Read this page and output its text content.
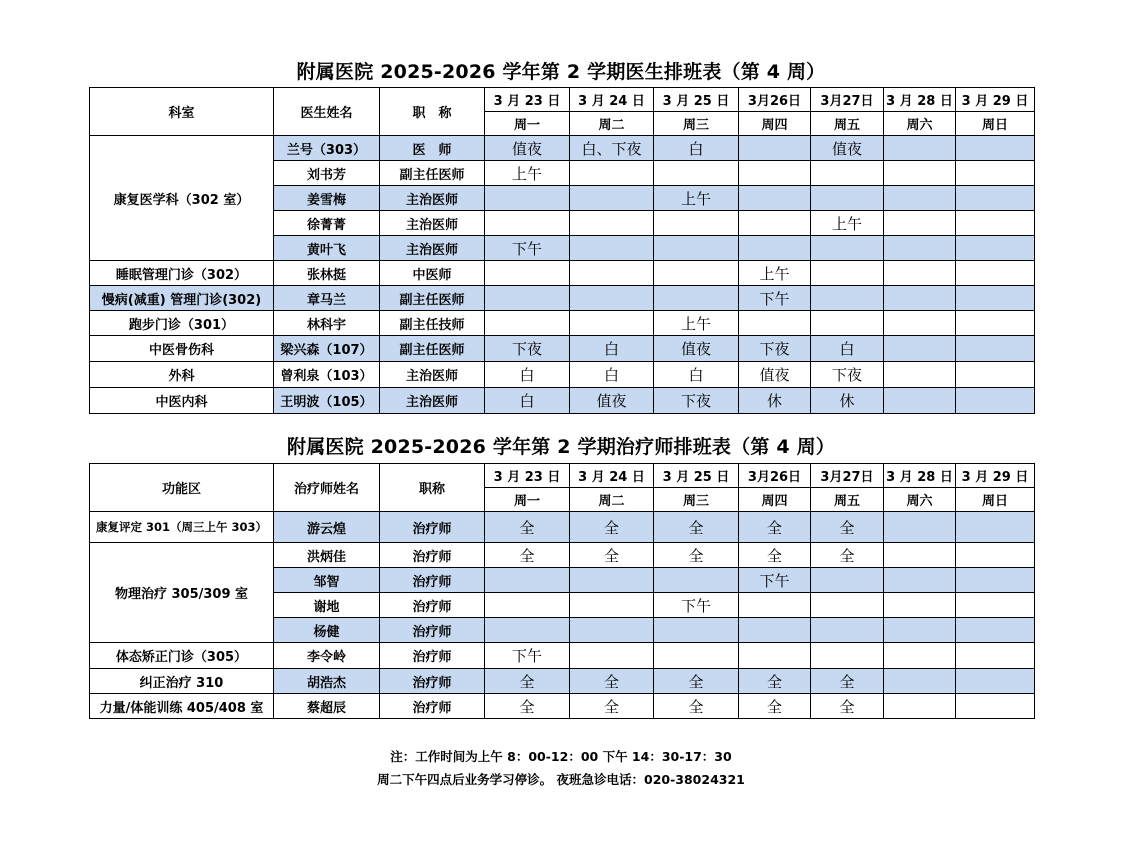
附属医院 2025-2026 学年第 2 学期医生排班表（第 4 周）
科室	医生姓名	职　称	3 月 23 日	3 月 24 日	3 月 25 日	3月26日	3月27日	3 月 28 日	3 月 29 日
			周一	周二	周三	周四	周五	周六	周日
康复医学科（302 室）	兰号（303）	医　师	值夜	白、下夜	白		值夜		
	刘书芳	副主任医师	上午						
	姜雪梅	主治医师			上午				
	徐菁菁	主治医师					上午		
	黄叶飞	主治医师	下午						
睡眠管理门诊（302）	张林挺	中医师				上午			
慢病(减重) 管理门诊(302)	章马兰	副主任医师				下午			
跑步门诊（301）	林科宇	副主任技师			上午				
中医骨伤科	梁兴森（107）	副主任医师	下夜	白	值夜	下夜	白		
外科	曾利泉（103）	主治医师	白	白	白	值夜	下夜		
中医内科	王明波（105）	主治医师	白	值夜	下夜	休	休		
附属医院 2025-2026 学年第 2 学期治疗师排班表（第 4 周）
功能区	治疗师姓名	职称	3 月 23 日	3 月 24 日	3 月 25 日	3月26日	3月27日	3 月 28 日	3 月 29 日
			周一	周二	周三	周四	周五	周六	周日
康复评定 301（周三上午 303）	游云煌	治疗师	全	全	全	全	全		
物理治疗 305/309 室	洪炳佳	治疗师	全	全	全	全	全		
	邹智	治疗师				下午			
	谢地	治疗师			下午				
	杨健	治疗师							
体态矫正门诊（305）	李令岭	治疗师	下午						
纠正治疗 310	胡浩杰	治疗师	全	全	全	全	全		
力量/体能训练 405/408 室	蔡超辰	治疗师	全	全	全	全	全		
注：工作时间为上午 8：00-12：00 下午 14：30-17：30
周二下午四点后业务学习停诊。 夜班急诊电话：020-38024321
